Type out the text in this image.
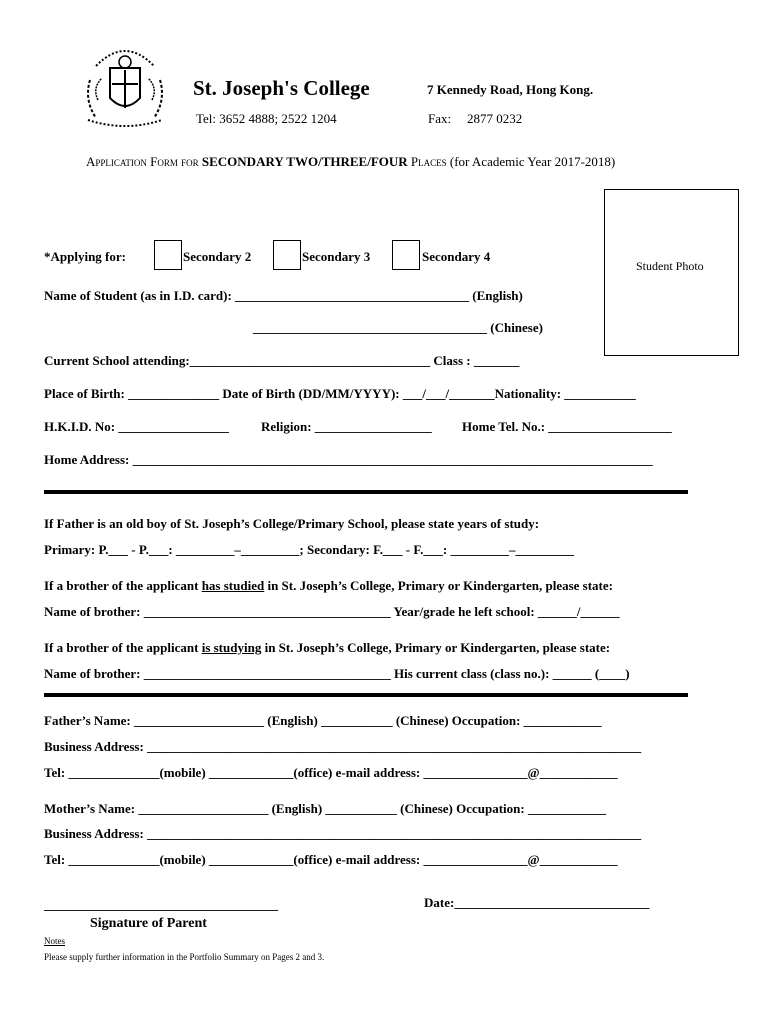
St. Joseph's College	7 Kennedy Road, Hong Kong.
Tel: 3652 4888; 2522 1204	Fax: 2877 0232
Application Form for SECONDARY TWO/THREE/FOUR Places (for Academic Year 2017-2018)
Student Photo
*Applying for:	Secondary 2	Secondary 3	Secondary 4
Name of Student (as in I.D. card): ____________________________________ (English)
____________________________________ (Chinese)
Current School attending:_____________________________________ Class : _______
Place of Birth: ______________ Date of Birth (DD/MM/YYYY): ___/___/_______Nationality: ___________
H.K.I.D. No: _________________ Religion: __________________ Home Tel. No.: ___________________
Home Address: ________________________________________________________________________________
If Father is an old boy of St. Joseph’s College/Primary School, please state years of study:
Primary: P.___ - P.___: _________–_________; Secondary: F.___ - F.___: _________–_________
If a brother of the applicant has studied in St. Joseph’s College, Primary or Kindergarten, please state:
Name of brother: ______________________________________ Year/grade he left school: ______/______
If a brother of the applicant is studying in St. Joseph’s College, Primary or Kindergarten, please state:
Name of brother: ______________________________________ His current class (class no.): ______ (____)
Father’s Name: ____________________ (English) ___________ (Chinese) Occupation: ____________
Business Address: ____________________________________________________________________________
Tel: ______________(mobile) _____________(office) e-mail address: ________________@____________
Mother’s Name: ____________________ (English) ___________ (Chinese) Occupation: ____________
Business Address: ____________________________________________________________________________
Tel: ______________(mobile) _____________(office) e-mail address: ________________@____________
____________________________________
Signature of Parent
Date:______________________________
Notes
Please supply further information in the Portfolio Summary on Pages 2 and 3.
